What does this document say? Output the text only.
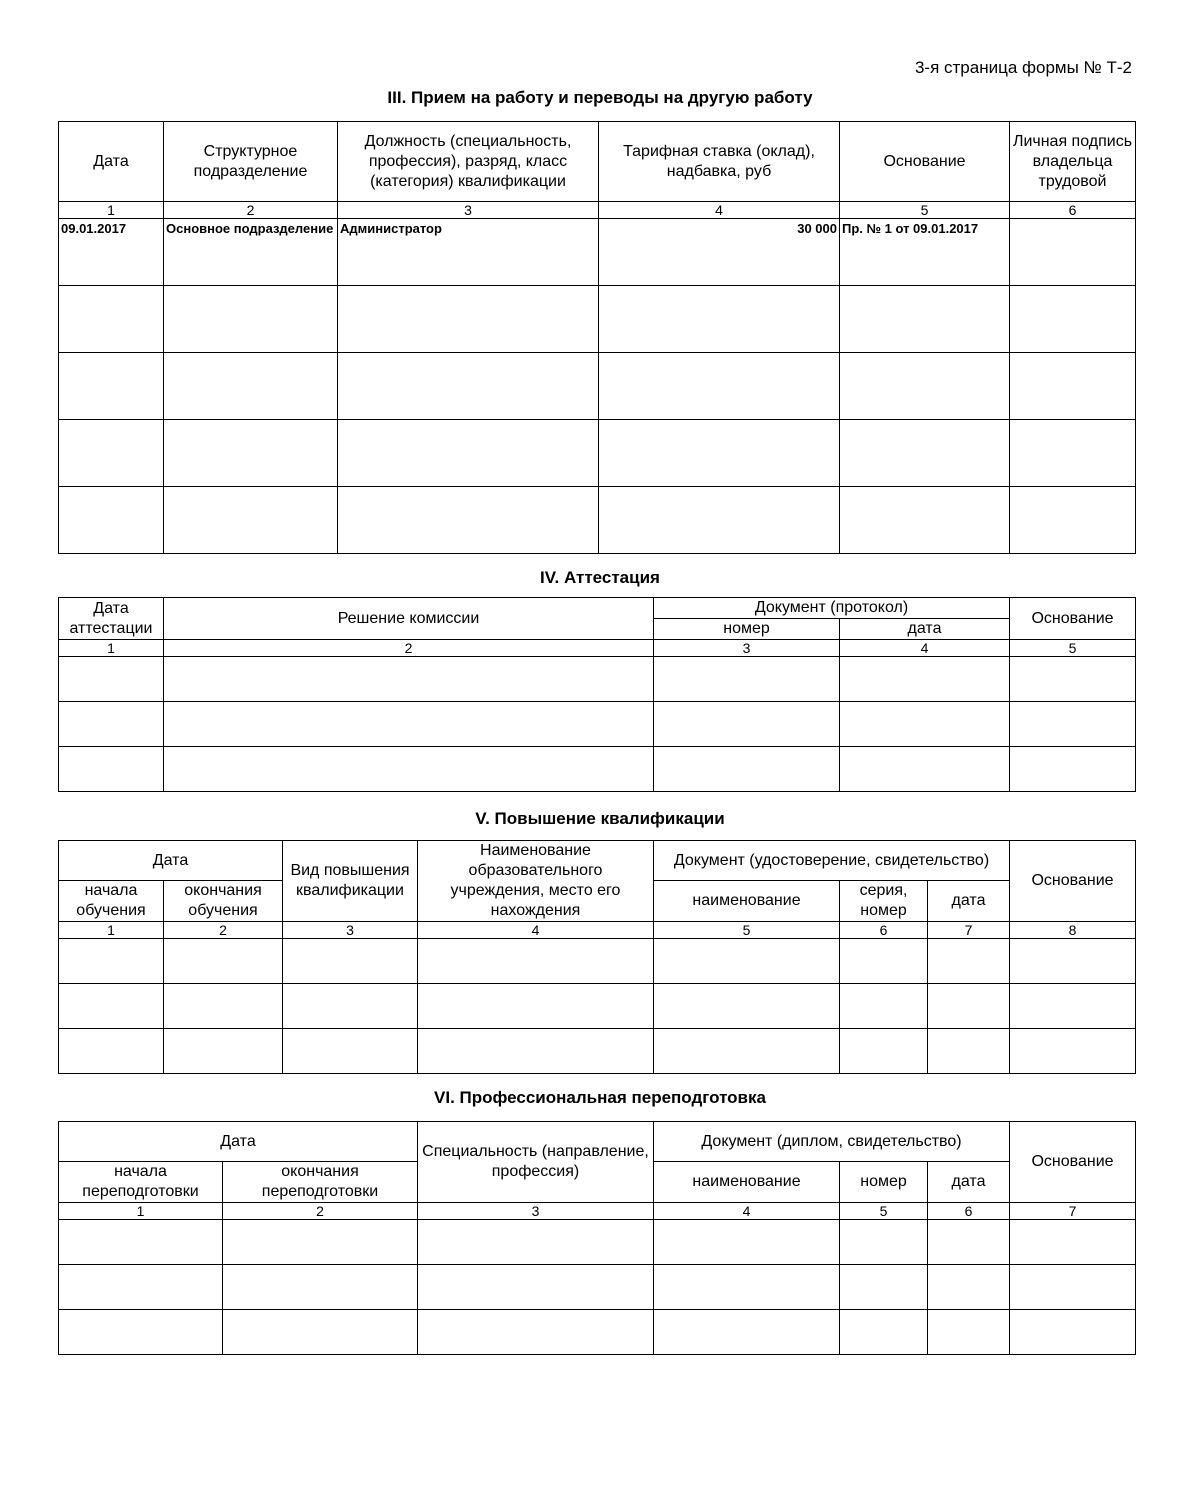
3-я страница формы № Т-2
III. Прием на работу и переводы на другую работу
Дата	Структурное подразделение	Должность (специальность, профессия), разряд, класс (категория) квалификации	Тарифная ставка (оклад), надбавка, руб	Основание	Личная подпись владельца трудовой
1	2	3	4	5	6
09.01.2017	Основное подразделение	Администратор	30 000	Пр. № 1 от 09.01.2017	

IV. Аттестация
Дата аттестации	Решение комиссии	Документ (протокол)		Основание
		номер	дата	
1	2	3	4	5

V. Повышение квалификации
Дата		Вид повышения квалификации	Наименование образовательного учреждения, место его нахождения	Документ (удостоверение, свидетельство)			Основание
начала обучения	окончания обучения			наименование	серия, номер	дата	
1	2	3	4	5	6	7	8

VI. Профессиональная переподготовка
Дата		Специальность (направление, профессия)	Документ (диплом, свидетельство)			Основание
начала переподготовки	окончания переподготовки		наименование	номер	дата	
1	2	3	4	5	6	7
